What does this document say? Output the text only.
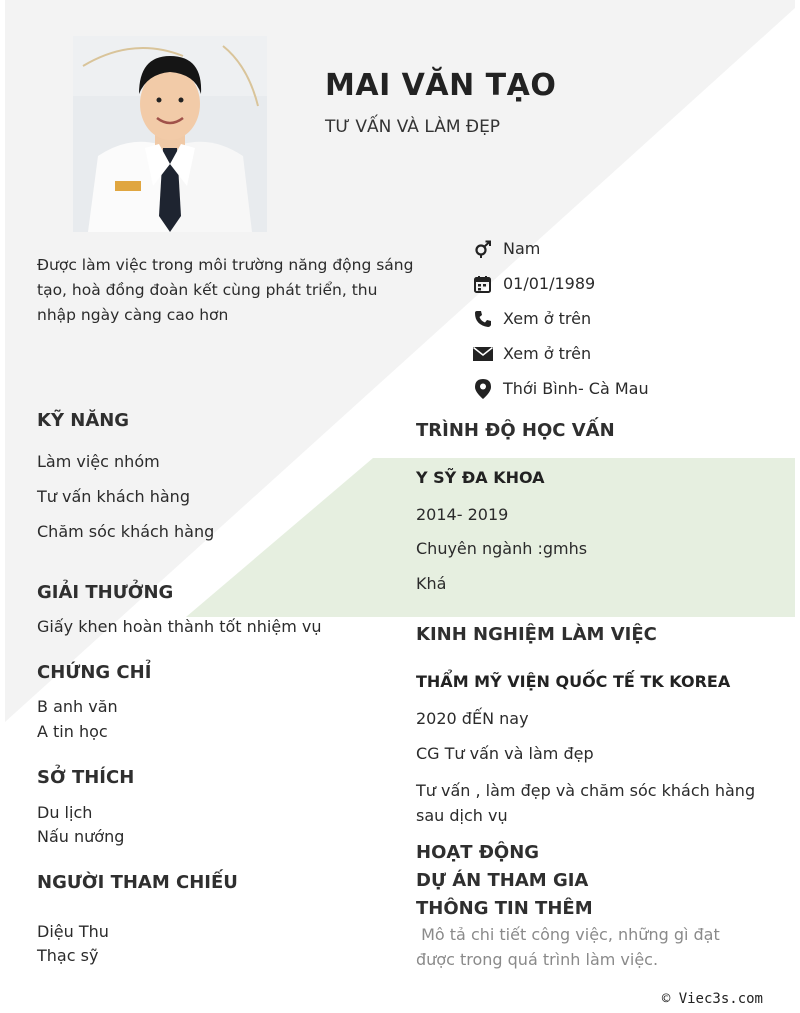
MAI VĂN TẠO
TƯ VẤN VÀ LÀM ĐẸP
Được làm việc trong môi trường năng động sáng tạo, hoà đồng đoàn kết cùng phát triển, thu nhập ngày càng cao hơn
Nam
01/01/1989
Xem ở trên
Xem ở trên
Thới Bình- Cà Mau
KỸ NĂNG
Làm việc nhóm
Tư vấn khách hàng
Chăm sóc khách hàng
GIẢI THƯỞNG
Giấy khen hoàn thành tốt nhiệm vụ
CHỨNG CHỈ
B anh văn
A tin học
SỞ THÍCH
Du lịch
Nấu nướng
NGƯỜI THAM CHIẾU
Diệu Thu
Thạc sỹ
TRÌNH ĐỘ HỌC VẤN
Y SỸ ĐA KHOA
2014- 2019
Chuyên ngành :gmhs
Khá
KINH NGHIỆM LÀM VIỆC
THẨM MỸ VIỆN QUỐC TẾ TK KOREA
2020 đẾN nay
CG Tư vấn và làm đẹp
Tư vấn , làm đẹp và chăm sóc khách hàng sau dịch vụ
HOẠT ĐỘNG
DỰ ÁN THAM GIA
THÔNG TIN THÊM
Mô tả chi tiết công việc, những gì đạt được trong quá trình làm việc.
© Viec3s.com
